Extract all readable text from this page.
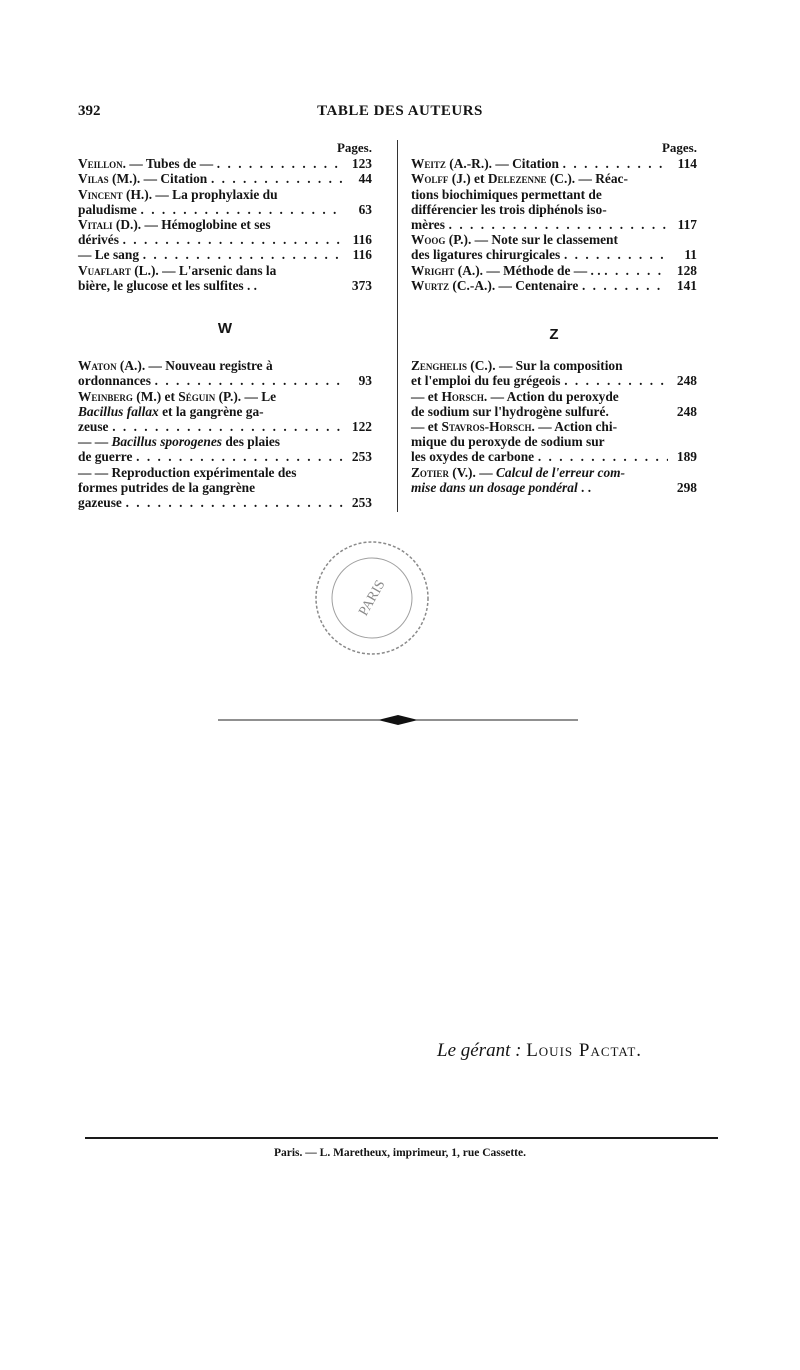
392	TABLE DES AUTEURS
Pages.
Veillon. — Tubes de — . . .	123
Vilas (M.). — Citation . . .	44
Vincent (H.). — La prophylaxie du
paludisme . . .	63
Vitali (D.). — Hémoglobine et ses
dérivés . . .	116
— Le sang . . .	116
Vuaflart (L.). — L'arsenic dans la
bière, le glucose et les sulfites . .	373
W
Waton (A.). — Nouveau registre à
ordonnances . . .	93
Weinberg (M.) et Séguin (P.). — Le
Bacillus fallax et la gangrène ga-
zeuse . . .	122
— — Bacillus sporogenes des plaies
de guerre . . .	253
— — Reproduction expérimentale des
formes putrides de la gangrène
gazeuse . . .	253
Pages.
Weitz (A.-R.). — Citation . . .	114
Wolff (J.) et Delezenne (C.). — Réac-
tions biochimiques permettant de
différencier les trois diphénols iso-
mères . . .	117
Woog (P.). — Note sur le classement
des ligatures chirurgicales . . .	11
Wright (A.). — Méthode de — . . . . .	128
Wurtz (C.-A.). — Centenaire . . .	141
Z
Zenghelis (C.). — Sur la composition
et l'emploi du feu grégeois . . .	248
— et Horsch. — Action du peroxyde
de sodium sur l'hydrogène sulfuré.	248
— et Stavros-Horsch. — Action chi-
mique du peroxyde de sodium sur
les oxydes de carbone . . .	189
Zotier (V.). — Calcul de l'erreur com-
mise dans un dosage pondéral . .	298
PARIS
Le gérant : Louis Pactat.
Paris. — L. Maretheux, imprimeur, 1, rue Cassette.
